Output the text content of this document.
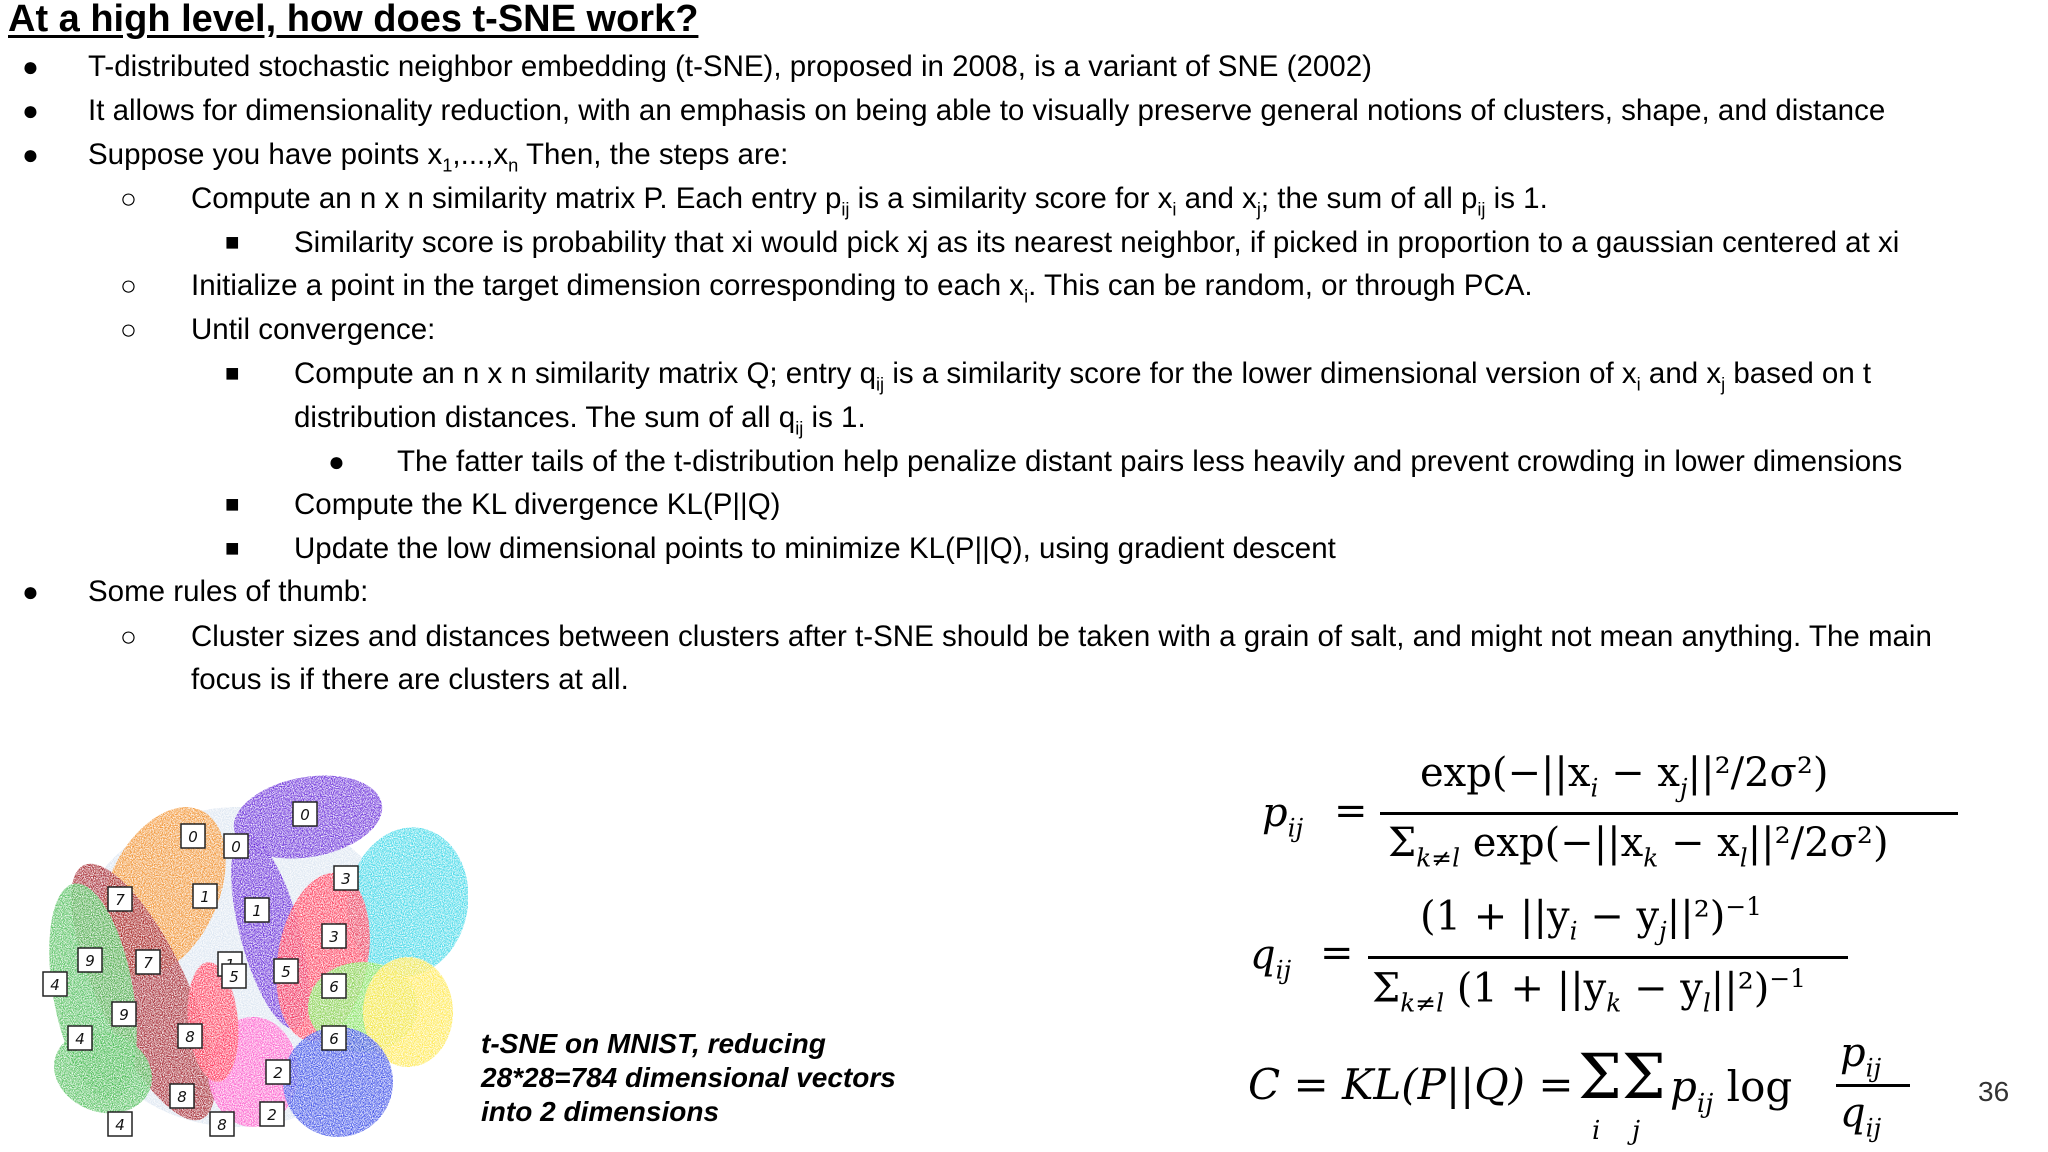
At a high level, how does t-SNE work?
● T-distributed stochastic neighbor embedding (t-SNE), proposed in 2008, is a variant of SNE (2002)
● It allows for dimensionality reduction, with an emphasis on being able to visually preserve general notions of clusters, shape, and distance
● Suppose you have points $x_1,...,x_n$ Then, the steps are:
○ Compute an n x n similarity matrix P. Each entry $p_{ij}$ is a similarity score for $x_i$ and $x_j$; the sum of all $p_{ij}$ is 1.
■ Similarity score is probability that xi would pick xj as its nearest neighbor, if picked in proportion to a gaussian centered at xi
○ Initialize a point in the target dimension corresponding to each $x_i$. This can be random, or through PCA.
○ Until convergence:
■ Compute an n x n similarity matrix Q; entry $q_{ij}$ is a similarity score for the lower dimensional version of $x_i$ and $x_j$ based on t
distribution distances. The sum of all $q_{ij}$ is 1.
● The fatter tails of the t-distribution help penalize distant pairs less heavily and prevent crowding in lower dimensions
■ Compute the KL divergence KL(P||Q)
■ Update the low dimensional points to minimize KL(P||Q), using gradient descent
● Some rules of thumb:
○ Cluster sizes and distances between clusters after t-SNE should be taken with a grain of salt, and might not mean anything. The main
focus is if there are clusters at all.
0
0
0
1
1
7
7
9
9
4
4
4
3
3
5	5
6
6
8
8
8
2
2
t-SNE on MNIST, reducing 28*28=784 dimensional vectors into 2 dimensions
$p_{ij}$ =
$\exp(-||x_i - x_j||^2/2\sigma^2)$
$\Sigma_{k\ne l}$ $\exp(-||x_k - x_l||^2/2\sigma^2)$
$q_{ij}$ =
$(1 + ||y_i - y_j||^2)^{-1}$
$\Sigma_{k\ne l}$ $(1 + ||y_k - y_l||^2)^{-1}$
C = KL(P||Q) = ΣΣ
i j
$p_{ij}$ log
$p_{ij}$
$q_{ij}$
36
